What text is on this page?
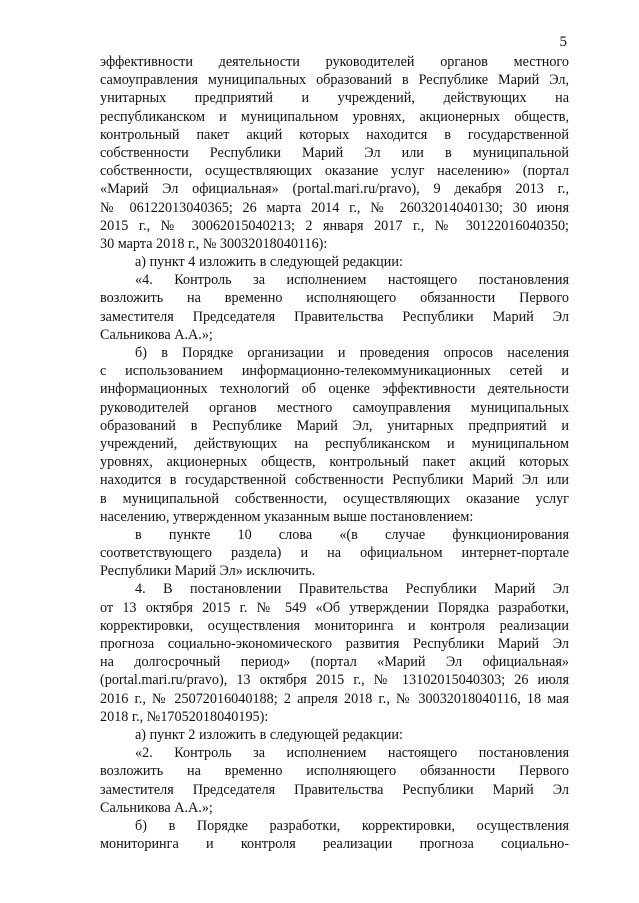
5
эффективности деятельности руководителей органов местного
самоуправления муниципальных образований в Республике Марий Эл,
унитарных предприятий и учреждений, действующих на
республиканском и муниципальном уровнях, акционерных обществ,
контрольный пакет акций которых находится в государственной
собственности Республики Марий Эл или в муниципальной
собственности, осуществляющих оказание услуг населению» (портал
«Марий Эл официальная» (portal.mari.ru/pravo), 9 декабря 2013 г.,
№ 06122013040365; 26 марта 2014 г., № 26032014040130; 30 июня
2015 г., № 30062015040213; 2 января 2017 г., № 30122016040350;
30 марта 2018 г., № 30032018040116):
а) пункт 4 изложить в следующей редакции:
«4. Контроль за исполнением настоящего постановления
возложить на временно исполняющего обязанности Первого
заместителя Председателя Правительства Республики Марий Эл
Сальникова А.А.»;
б) в Порядке организации и проведения опросов населения
с использованием информационно-телекоммуникационных сетей и
информационных технологий об оценке эффективности деятельности
руководителей органов местного самоуправления муниципальных
образований в Республике Марий Эл, унитарных предприятий и
учреждений, действующих на республиканском и муниципальном
уровнях, акционерных обществ, контрольный пакет акций которых
находится в государственной собственности Республики Марий Эл или
в муниципальной собственности, осуществляющих оказание услуг
населению, утвержденном указанным выше постановлением:
в пункте 10 слова «(в случае функционирования
соответствующего раздела) и на официальном интернет-портале
Республики Марий Эл» исключить.
4. В постановлении Правительства Республики Марий Эл
от 13 октября 2015 г. № 549 «Об утверждении Порядка разработки,
корректировки, осуществления мониторинга и контроля реализации
прогноза социально-экономического развития Республики Марий Эл
на долгосрочный период» (портал «Марий Эл официальная»
(portal.mari.ru/pravo), 13 октября 2015 г., № 13102015040303; 26 июля
2016 г., № 25072016040188; 2 апреля 2018 г., № 30032018040116, 18 мая
2018 г., №17052018040195):
а) пункт 2 изложить в следующей редакции:
«2. Контроль за исполнением настоящего постановления
возложить на временно исполняющего обязанности Первого
заместителя Председателя Правительства Республики Марий Эл
Сальникова А.А.»;
б) в Порядке разработки, корректировки, осуществления
мониторинга и контроля реализации прогноза социально-
